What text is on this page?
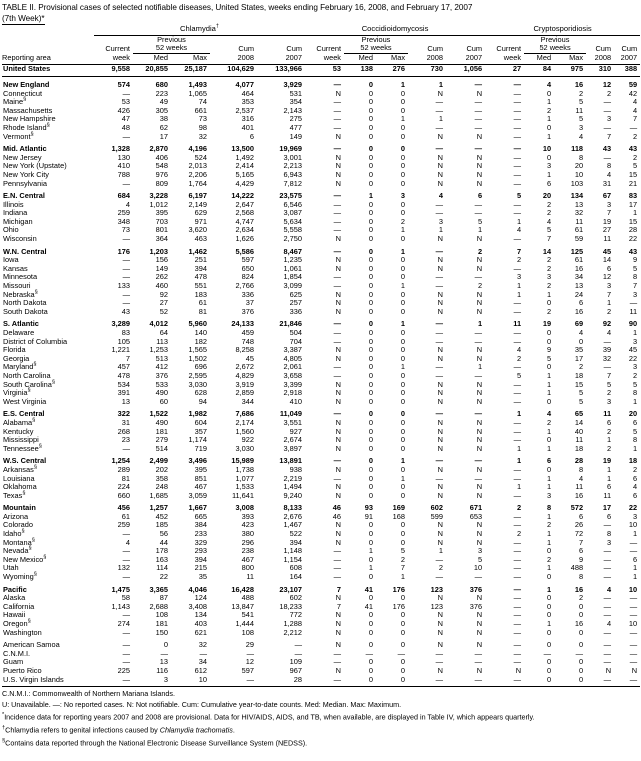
TABLE II. Provisional cases of selected notifiable diseases, United States, weeks ending February 16, 2008, and February 17, 2007
(7th Week)*
	Chlamydia†					Coccidioidomycosis					Cryptosporidiosis				
		Previous					Previous					Previous			
	Current	52 weeks		Cum	Cum	Current	52 weeks		Cum	Cum	Current	52 weeks		Cum	Cum
Reporting area	week	Med	Max	2008	2007	week	Med	Max	2008	2007	week	Med	Max	2008	2007

United States	9,558	20,855	25,187	104,629	133,966	53	138	276	730	1,056	27	84	975	310	388

New England	574	680	1,493	4,077	3,929	—	0	1	1	—	—	4	16	12	59
Connecticut	—	223	1,065	464	531	N	0	0	N	N	—	0	2	2	42
Maine§	53	49	74	353	354	—	0	0	—	—	—	1	5	—	4
Massachusetts	426	305	661	2,537	2,143	—	0	0	—	—	—	2	11	—	4
New Hampshire	47	38	73	316	275	—	0	1	1	—	—	1	5	3	7
Rhode Island§	48	62	98	401	477	—	0	0	—	—	—	0	3	—	—
Vermont§	—	17	32	6	149	N	0	0	N	N	—	1	4	7	2

Mid. Atlantic	1,328	2,870	4,196	13,500	19,969	—	0	0	—	—	—	10	118	43	43
New Jersey	130	406	524	1,492	3,001	N	0	0	N	N	—	0	8	—	2
New York (Upstate)	410	548	2,013	2,414	2,213	N	0	0	N	N	—	3	20	8	5
New York City	788	976	2,206	5,165	6,943	N	0	0	N	N	—	1	10	4	15
Pennsylvania	—	809	1,764	4,429	7,812	N	0	0	N	N	—	6	103	31	21

E.N. Central	684	3,228	6,197	14,222	23,575	—	1	3	4	6	5	20	134	67	83
Illinois	4	1,012	2,149	2,647	6,546	—	0	0	—	—	—	2	13	3	17
Indiana	259	395	629	2,568	3,087	—	0	0	—	—	—	2	32	7	1
Michigan	348	703	971	4,747	5,634	—	0	2	3	5	1	4	11	19	15
Ohio	73	801	3,620	2,634	5,558	—	0	1	1	1	4	5	61	27	28
Wisconsin	—	364	463	1,626	2,750	N	0	0	N	N	—	7	59	11	22

W.N. Central	176	1,203	1,462	5,586	8,467	—	0	1	—	2	7	14	125	45	43
Iowa	—	156	251	597	1,235	N	0	0	N	N	2	2	61	14	9
Kansas	—	149	394	650	1,061	N	0	0	N	N	—	2	16	6	5
Minnesota	—	262	478	824	1,854	—	0	0	—	—	3	3	34	12	8
Missouri	133	460	551	2,766	3,099	—	0	1	—	2	1	2	13	3	7
Nebraska§	—	92	183	336	625	N	0	0	N	N	1	1	24	7	3
North Dakota	—	27	61	37	257	N	0	0	N	N	—	0	6	1	—
South Dakota	43	52	81	376	336	N	0	0	N	N	—	2	16	2	11

S. Atlantic	3,289	4,012	5,960	24,133	21,846	—	0	1	—	1	11	19	69	92	90
Delaware	83	64	140	459	504	—	0	0	—	—	—	0	4	4	1
District of Columbia	105	113	182	748	704	—	0	0	—	—	—	0	0	—	3
Florida	1,221	1,253	1,565	8,258	3,387	N	0	0	N	N	4	9	35	39	45
Georgia	7	513	1,502	45	4,805	N	0	0	N	N	2	5	17	32	22
Maryland§	457	412	696	2,672	2,061	—	0	1	—	1	—	0	2	—	3
North Carolina	478	376	2,595	4,829	3,658	—	0	0	—	—	5	1	18	7	2
South Carolina§	534	533	3,030	3,919	3,399	N	0	0	N	N	—	1	15	5	5
Virginia§	391	490	628	2,859	2,918	N	0	0	N	N	—	1	5	2	8
West Virginia	13	60	94	344	410	N	0	0	N	N	—	0	5	3	1

E.S. Central	322	1,522	1,982	7,686	11,049	—	0	0	—	—	1	4	65	11	20
Alabama§	31	490	604	2,174	3,551	N	0	0	N	N	—	2	14	6	6
Kentucky	268	181	357	1,560	927	N	0	0	N	N	—	1	40	2	5
Mississippi	23	279	1,174	922	2,674	N	0	0	N	N	—	0	11	1	8
Tennessee§	—	514	719	3,030	3,897	N	0	0	N	N	1	1	18	2	1

W.S. Central	1,254	2,499	3,496	15,989	13,891	—	0	1	—	—	1	6	28	19	18
Arkansas§	289	202	395	1,738	938	N	0	0	N	N	—	0	8	1	2
Louisiana	81	358	851	1,077	2,219	—	0	1	—	—	—	1	4	1	6
Oklahoma	224	248	467	1,533	1,494	N	0	0	N	N	1	1	11	6	4
Texas§	660	1,685	3,059	11,641	9,240	N	0	0	N	N	—	3	16	11	6

Mountain	456	1,257	1,667	3,008	8,133	46	93	169	602	671	2	8	572	17	22
Arizona	61	452	665	393	2,676	46	91	168	599	653	—	1	6	6	3
Colorado	259	185	384	423	1,467	N	0	0	N	N	—	2	26	—	10
Idaho§	—	56	233	380	522	N	0	0	N	N	2	1	72	8	1
Montana§	4	44	329	296	394	N	0	0	N	N	—	1	7	3	—
Nevada§	—	178	293	238	1,148	—	1	5	1	3	—	0	6	—	—
New Mexico§	—	163	394	467	1,154	—	0	2	—	5	—	2	9	—	6
Utah	132	114	215	800	608	—	1	7	2	10	—	1	488	—	1
Wyoming§	—	22	35	11	164	—	0	1	—	—	—	0	8	—	1

Pacific	1,475	3,365	4,046	16,428	23,107	7	41	176	123	376	—	1	16	4	10
Alaska	58	87	124	488	602	N	0	0	N	N	—	0	2	—	—
California	1,143	2,688	3,408	13,847	18,233	7	41	176	123	376	—	0	0	—	—
Hawaii	—	108	134	541	772	N	0	0	N	N	—	0	0	—	—
Oregon§	274	181	403	1,444	1,288	N	0	0	N	N	—	1	16	4	10
Washington	—	150	621	108	2,212	N	0	0	N	N	—	0	0	—	—

American Samoa	—	0	32	29	—	N	0	0	N	N	—	0	0	—	—
C.N.M.I.	—	—	—	—	—	—	—	—	—	—	—	—	—	—	—
Guam	—	13	34	12	109	—	0	0	—	—	—	0	0	—	—
Puerto Rico	225	116	612	597	967	N	0	0	N	N	N	0	0	N	N
U.S. Virgin Islands	—	3	10	—	28	—	0	0	—	—	—	0	0	—	—

C.N.M.I.: Commonwealth of Northern Mariana Islands.
U: Unavailable. —: No reported cases. N: Not notifiable. Cum: Cumulative year-to-date counts. Med: Median. Max: Maximum.
*Incidence data for reporting years 2007 and 2008 are provisional. Data for HIV/AIDS, AIDS, and TB, when available, are displayed in Table IV, which appears quarterly.
†Chlamydia refers to genital infections caused by Chlamydia trachomatis.
§Contains data reported through the National Electronic Disease Surveillance System (NEDSS).
